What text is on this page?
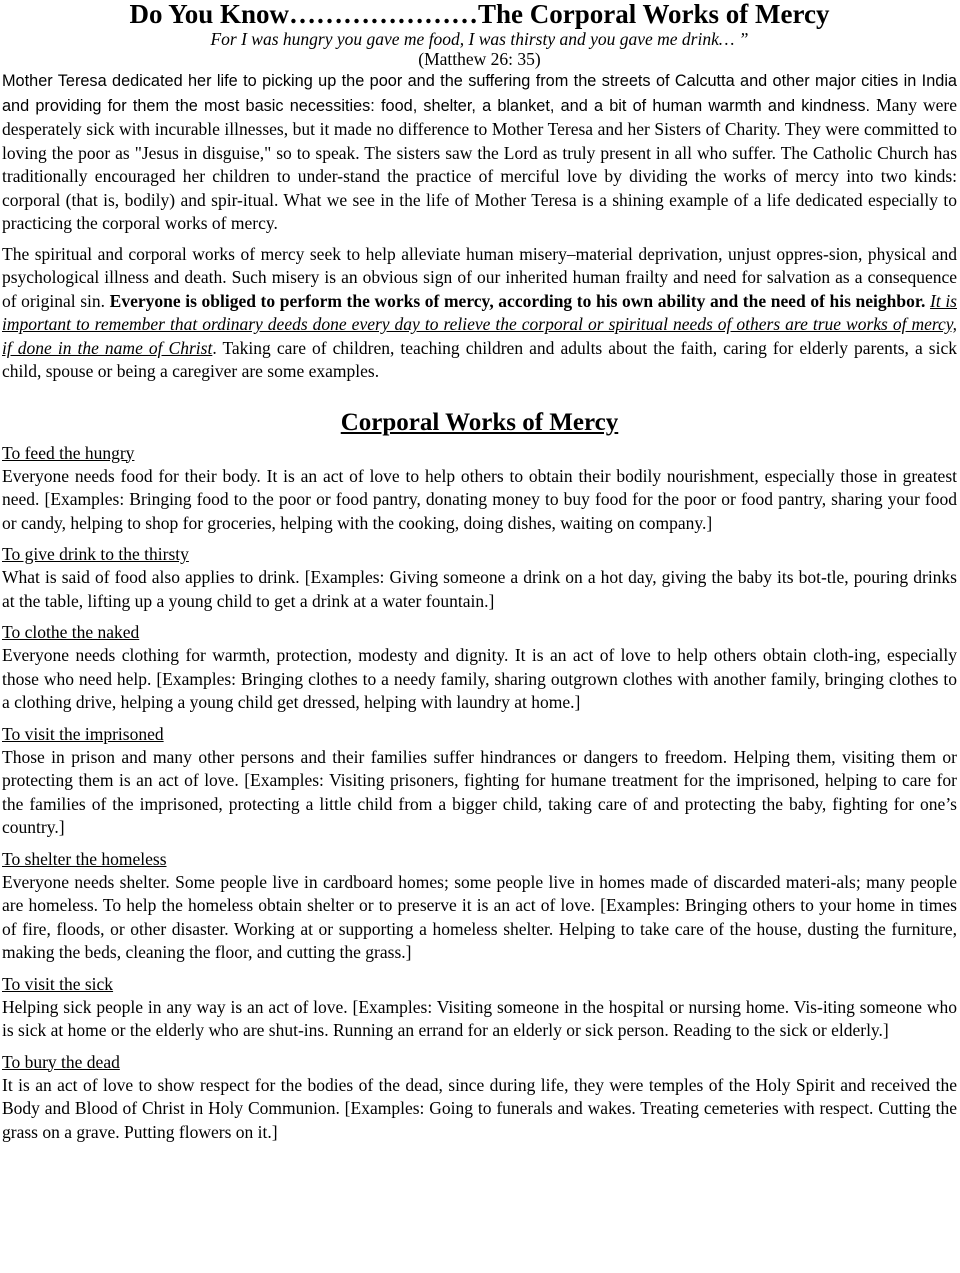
Do You Know…………………The Corporal Works of Mercy
For I was hungry you gave me food, I was thirsty and you gave me drink… ”
(Matthew 26: 35)

Mother Teresa dedicated her life to picking up the poor and the suffering from the streets of Calcutta and other major cities in India and providing for them the most basic necessities: food, shelter, a blanket, and a bit of human warmth and kindness. Many were desperately sick with incurable illnesses, but it made no difference to Mother Teresa and her Sisters of Charity. They were committed to loving the poor as "Jesus in disguise," so to speak. The sisters saw the Lord as truly present in all who suffer. The Catholic Church has traditionally encouraged her children to under-stand the practice of merciful love by dividing the works of mercy into two kinds: corporal (that is, bodily) and spir-itual. What we see in the life of Mother Teresa is a shining example of a life dedicated especially to practicing the corporal works of mercy.

The spiritual and corporal works of mercy seek to help alleviate human misery–material deprivation, unjust oppres-sion, physical and psychological illness and death. Such misery is an obvious sign of our inherited human frailty and need for salvation as a consequence of original sin. Everyone is obliged to perform the works of mercy, according to his own ability and the need of his neighbor. It is important to remember that ordinary deeds done every day to relieve the corporal or spiritual needs of others are true works of mercy, if done in the name of Christ. Taking care of children, teaching children and adults about the faith, caring for elderly parents, a sick child, spouse or being a caregiver are some examples.

Corporal Works of Mercy
To feed the hungry

Everyone needs food for their body. It is an act of love to help others to obtain their bodily nourishment, especially those in greatest need. [Examples: Bringing food to the poor or food pantry, donating money to buy food for the poor or food pantry, sharing your food or candy, helping to shop for groceries, helping with the cooking, doing dishes, waiting on company.]

To give drink to the thirsty

What is said of food also applies to drink. [Examples: Giving someone a drink on a hot day, giving the baby its bot-tle, pouring drinks at the table, lifting up a young child to get a drink at a water fountain.]

To clothe the naked

Everyone needs clothing for warmth, protection, modesty and dignity. It is an act of love to help others obtain cloth-ing, especially those who need help. [Examples: Bringing clothes to a needy family, sharing outgrown clothes with another family, bringing clothes to a clothing drive, helping a young child get dressed, helping with laundry at home.]

To visit the imprisoned

Those in prison and many other persons and their families suffer hindrances or dangers to freedom. Helping them, visiting them or protecting them is an act of love. [Examples: Visiting prisoners, fighting for humane treatment for the imprisoned, helping to care for the families of the imprisoned, protecting a little child from a bigger child, taking care of and protecting the baby, fighting for one’s country.]

To shelter the homeless

Everyone needs shelter. Some people live in cardboard homes; some people live in homes made of discarded materi-als; many people are homeless. To help the homeless obtain shelter or to preserve it is an act of love. [Examples: Bringing others to your home in times of fire, floods, or other disaster. Working at or supporting a homeless shelter. Helping to take care of the house, dusting the furniture, making the beds, cleaning the floor, and cutting the grass.]

To visit the sick

Helping sick people in any way is an act of love. [Examples: Visiting someone in the hospital or nursing home. Vis-iting someone who is sick at home or the elderly who are shut-ins. Running an errand for an elderly or sick person. Reading to the sick or elderly.]

To bury the dead

It is an act of love to show respect for the bodies of the dead, since during life, they were temples of the Holy Spirit and received the Body and Blood of Christ in Holy Communion. [Examples: Going to funerals and wakes. Treating cemeteries with respect. Cutting the grass on a grave. Putting flowers on it.]
